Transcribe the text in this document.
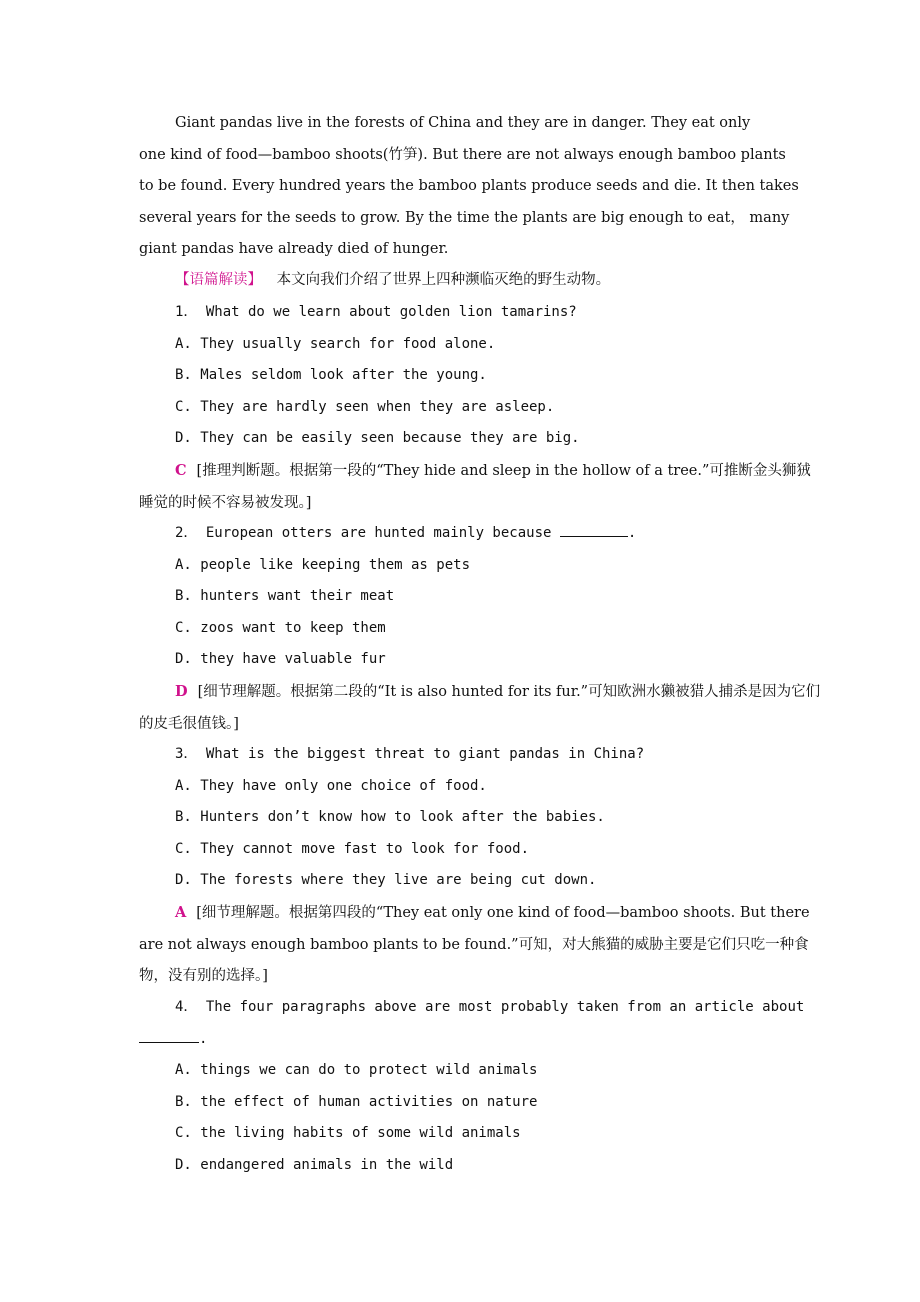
Giant pandas live in the forests of China and they are in danger. They eat only
one kind of food—bamboo shoots(竹笋). But there are not always enough bamboo plants
to be found. Every hundred years the bamboo plants produce seeds and die. It then takes
several years for the seeds to grow. By the time the plants are big enough to eat， many
giant pandas have already died of hunger.
【语篇解读】 本文向我们介绍了世界上四种濒临灭绝的野生动物。
1． What do we learn about golden lion tamarins?
A. They usually search for food alone.
B. Males seldom look after the young.
C. They are hardly seen when they are asleep.
D. They can be easily seen because they are big.
C [推理判断题。根据第一段的“They hide and sleep in the hollow of a tree.”可推断金头狮狨睡觉的时候不容易被发现。]
2． European otters are hunted mainly because	.
A. people like keeping them as pets
B. hunters want their meat
C. zoos want to keep them
D. they have valuable fur
D [细节理解题。根据第二段的“It is also hunted for its fur.”可知欧洲水獭被猎人捕杀是因为它们的皮毛很值钱。]
3． What is the biggest threat to giant pandas in China?
A. They have only one choice of food.
B. Hunters don’t know how to look after the babies.
C. They cannot move fast to look for food.
D. The forests where they live are being cut down.
A [细节理解题。根据第四段的“They eat only one kind of food—bamboo shoots. But there are not always enough bamboo plants to be found.”可知，对大熊猫的威胁主要是它们只吃一种食物，没有别的选择。]
4． The four paragraphs above are most probably taken from an article about
.
A. things we can do to protect wild animals
B. the effect of human activities on nature
C. the living habits of some wild animals
D. endangered animals in the wild
